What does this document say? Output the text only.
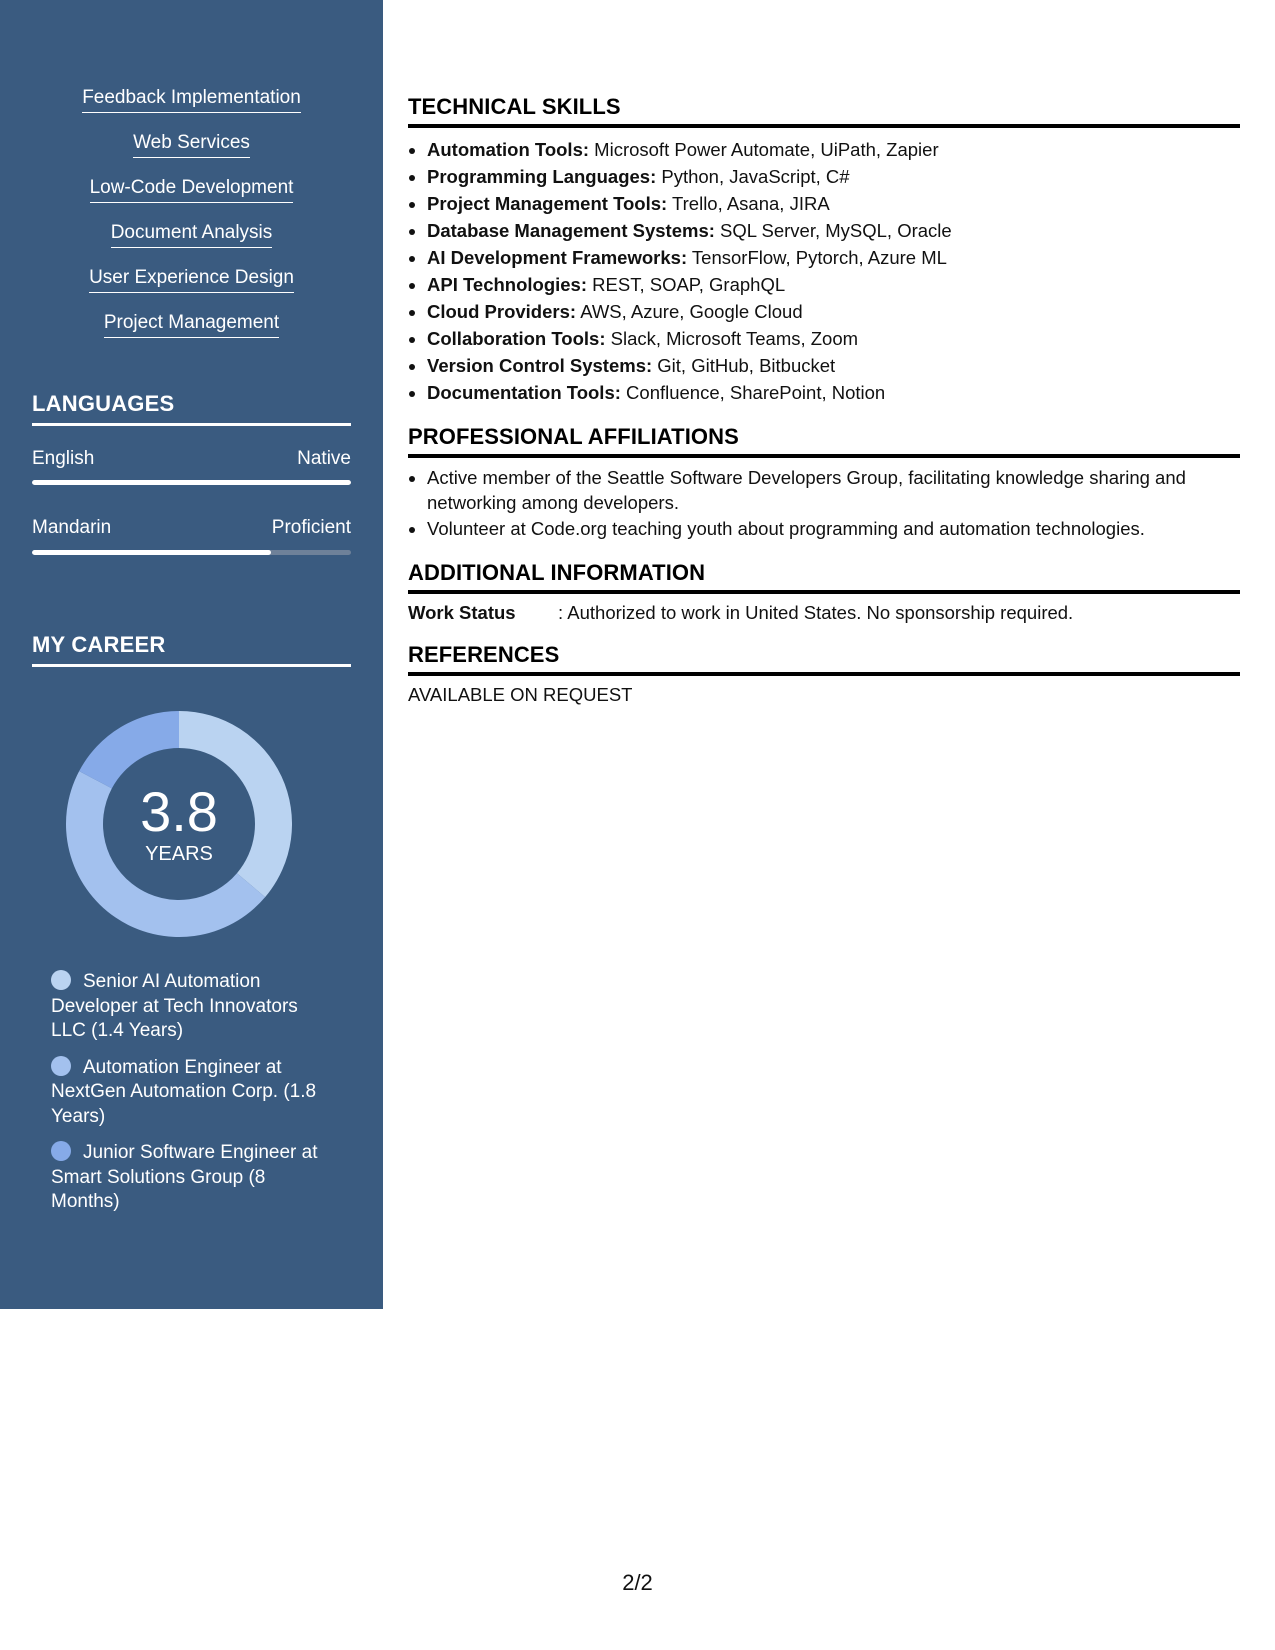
Feedback Implementation
Web Services
Low-Code Development
Document Analysis
User Experience Design
Project Management
LANGUAGES
English	Native
Mandarin	Proficient
MY CAREER
3.8
YEARS
Senior AI Automation Developer at Tech Innovators LLC (1.4 Years)
Automation Engineer at NextGen Automation Corp. (1.8 Years)
Junior Software Engineer at Smart Solutions Group (8 Months)
TECHNICAL SKILLS
• Automation Tools: Microsoft Power Automate, UiPath, Zapier
• Programming Languages: Python, JavaScript, C#
• Project Management Tools: Trello, Asana, JIRA
• Database Management Systems: SQL Server, MySQL, Oracle
• AI Development Frameworks: TensorFlow, Pytorch, Azure ML
• API Technologies: REST, SOAP, GraphQL
• Cloud Providers: AWS, Azure, Google Cloud
• Collaboration Tools: Slack, Microsoft Teams, Zoom
• Version Control Systems: Git, GitHub, Bitbucket
• Documentation Tools: Confluence, SharePoint, Notion
PROFESSIONAL AFFILIATIONS
• Active member of the Seattle Software Developers Group, facilitating knowledge sharing and networking among developers.
• Volunteer at Code.org teaching youth about programming and automation technologies.
ADDITIONAL INFORMATION
Work Status	: Authorized to work in United States. No sponsorship required.
REFERENCES
AVAILABLE ON REQUEST
2/2
